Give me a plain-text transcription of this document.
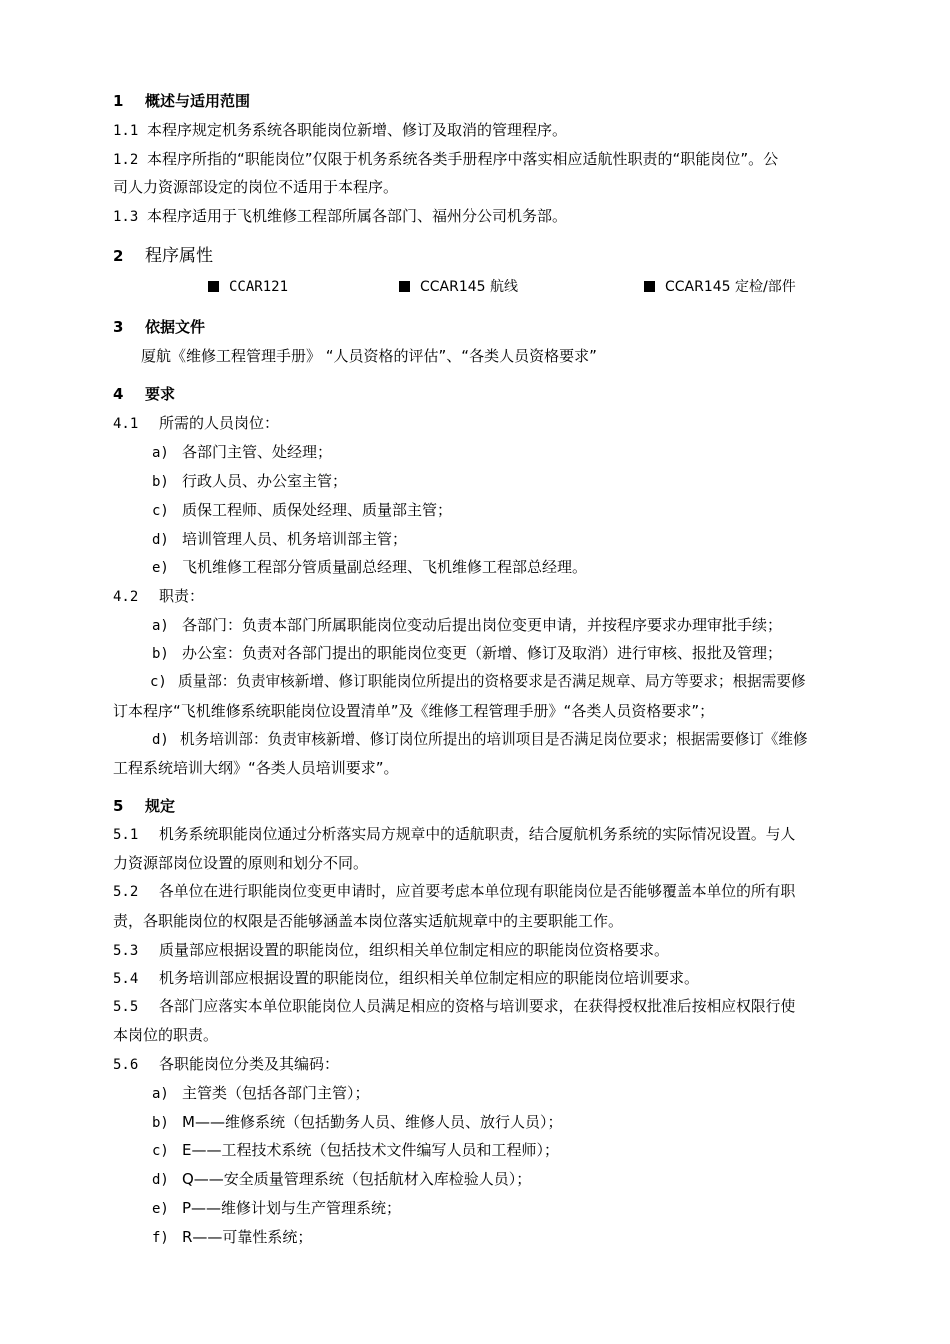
1 概述与适用范围
1.1 本程序规定机务系统各职能岗位新增、修订及取消的管理程序。
1.2 本程序所指的“职能岗位”仅限于机务系统各类手册程序中落实相应适航性职责的“职能岗位”。公
司人力资源部设定的岗位不适用于本程序。
1.3 本程序适用于飞机维修工程部所属各部门、福州分公司机务部。
2 程序属性
CCAR121	CCAR145 航线	CCAR145 定检/部件
3 依据文件
厦航《维修工程管理手册》 “人员资格的评估”、“各类人员资格要求”
4 要求
4.1 所需的人员岗位：
a) 各部门主管、处经理；
b) 行政人员、办公室主管；
c) 质保工程师、质保处经理、质量部主管；
d) 培训管理人员、机务培训部主管；
e) 飞机维修工程部分管质量副总经理、飞机维修工程部总经理。
4.2 职责：
a) 各部门：负责本部门所属职能岗位变动后提出岗位变更申请，并按程序要求办理审批手续；
b) 办公室：负责对各部门提出的职能岗位变更（新增、修订及取消）进行审核、报批及管理；
c) 质量部：负责审核新增、修订职能岗位所提出的资格要求是否满足规章、局方等要求；根据需要修
订本程序“飞机维修系统职能岗位设置清单”及《维修工程管理手册》“各类人员资格要求”；
d) 机务培训部：负责审核新增、修订岗位所提出的培训项目是否满足岗位要求；根据需要修订《维修
工程系统培训大纲》“各类人员培训要求”。
5 规定
5.1 机务系统职能岗位通过分析落实局方规章中的适航职责，结合厦航机务系统的实际情况设置。与人
力资源部岗位设置的原则和划分不同。
5.2 各单位在进行职能岗位变更申请时，应首要考虑本单位现有职能岗位是否能够覆盖本单位的所有职
责，各职能岗位的权限是否能够涵盖本岗位落实适航规章中的主要职能工作。
5.3 质量部应根据设置的职能岗位，组织相关单位制定相应的职能岗位资格要求。
5.4 机务培训部应根据设置的职能岗位，组织相关单位制定相应的职能岗位培训要求。
5.5 各部门应落实本单位职能岗位人员满足相应的资格与培训要求，在获得授权批准后按相应权限行使
本岗位的职责。
5.6 各职能岗位分类及其编码：
a) 主管类（包括各部门主管）；
b) M——维修系统（包括勤务人员、维修人员、放行人员）；
c) E——工程技术系统（包括技术文件编写人员和工程师）；
d) Q——安全质量管理系统（包括航材入库检验人员）；
e) P——维修计划与生产管理系统；
f) R——可靠性系统；
